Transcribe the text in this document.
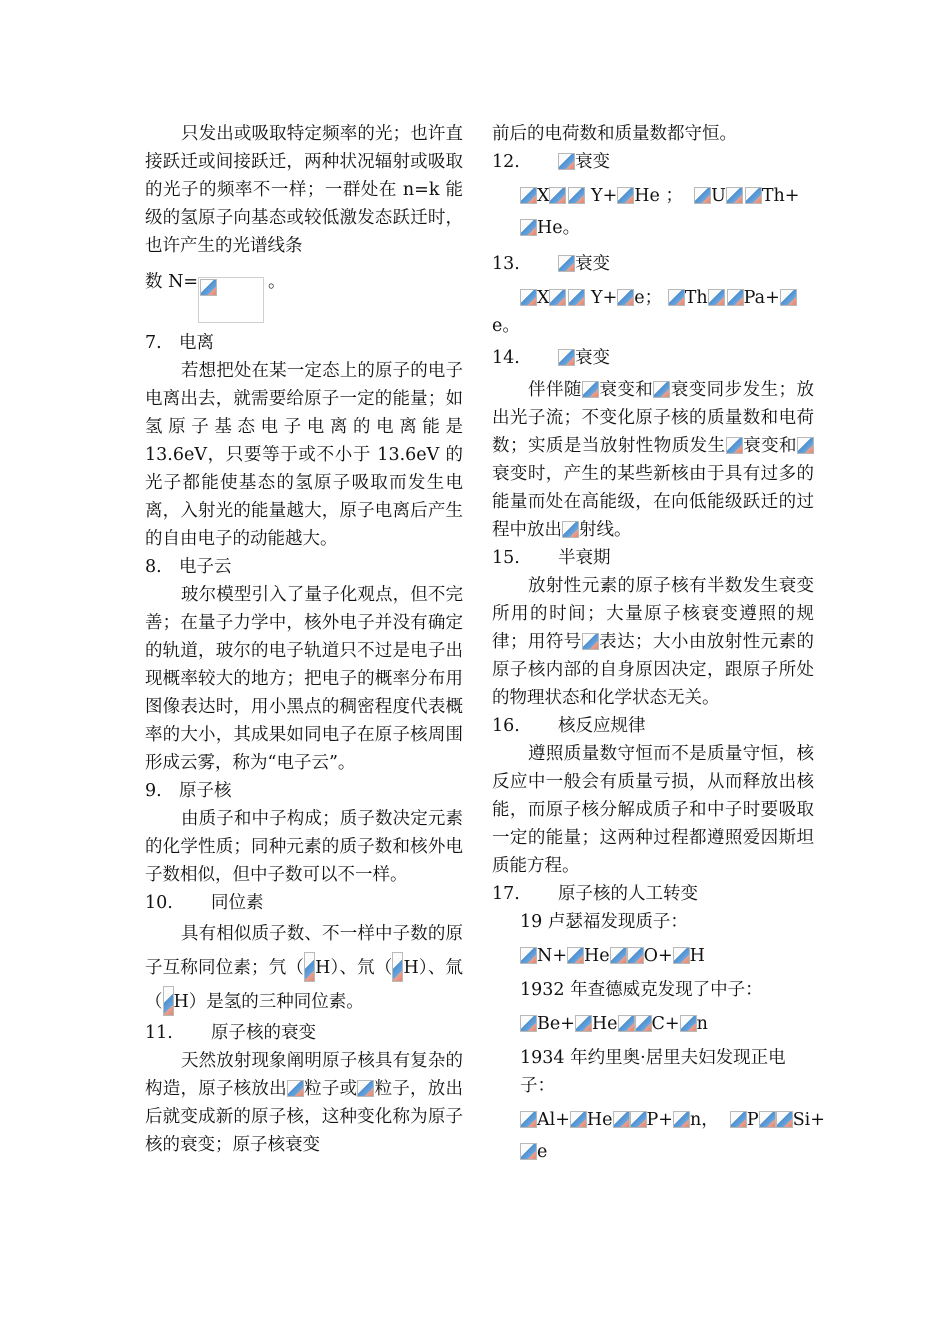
只发出或吸取特定频率的光；也许直接跃迁或间接跃迁，两种状况辐射或吸取的光子的频率不一样；一群处在 n=k 能级的氢原子向基态或较低激发态跃迁时，也许产生的光谱线条

数 N=	。

7. 电离

若想把处在某一定态上的原子的电子电离出去，就需要给原子一定的能量；如氢原子基态电子电离的电离能是 13.6eV，只要等于或不小于 13.6eV 的光子都能使基态的氢原子吸取而发生电离，入射光的能量越大，原子电离后产生的自由电子的动能越大。

8. 电子云

玻尔模型引入了量子化观点，但不完善；在量子力学中，核外电子并没有确定的轨道，玻尔的电子轨道只不过是电子出现概率较大的地方；把电子的概率分布用图像表达时，用小黑点的稠密程度代表概率的大小，其成果如同电子在原子核周围形成云雾，称为“电子云”。

9. 原子核

由质子和中子构成；质子数决定元素的化学性质；同种元素的质子数和核外电子数相似，但中子数可以不一样。

10. 同位素

具有相似质子数、不一样中子数的原子互称同位素；氕（ H）、氘（ H）、氚（ H）是氢的三种同位素。

11. 原子核的衰变

天然放射现象阐明原子核具有复杂的构造，原子核放出 粒子或 粒子，放出后就变成新的原子核，这种变化称为原子核的衰变；原子核衰变

前后的电荷数和质量数都守恒。

12.	衰变

X Y+ He ； U Th+

He。

13.	衰变

X Y+ e； Th Pa+

e。

14.	衰变

伴伴随 衰变和 衰变同步发生；放出光子流；不变化原子核的质量数和电荷数；实质是当放射性物质发生 衰变和衰变时，产生的某些新核由于具有过多的能量而处在高能级，在向低能级跃迁的过程中放出 射线。

15. 半衰期

放射性元素的原子核有半数发生衰变所用的时间；大量原子核衰变遵照的规律；用符号 表达；大小由放射性元素的原子核内部的自身原因决定，跟原子所处的物理状态和化学状态无关。

16. 核反应规律

遵照质量数守恒而不是质量守恒，核反应中一般会有质量亏损，从而释放出核能，而原子核分解成质子和中子时要吸取一定的能量；这两种过程都遵照爱因斯坦质能方程。

17. 原子核的人工转变

19 卢瑟福发现质子：

N+ He O+ H

1932 年查德威克发现了中子：

Be+ He C+ n

1934 年约里奥·居里夫妇发现正电子：

Al+ He P+ n， P Si+

e
